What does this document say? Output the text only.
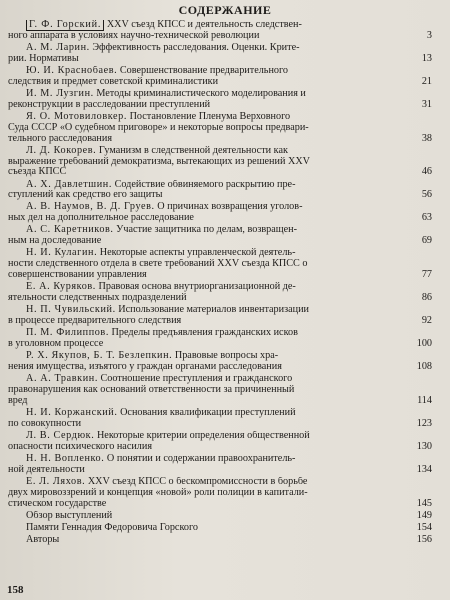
СОДЕРЖАНИЕ
Г. Ф. Горский. XXV съезд КПСС и деятельность следствен-
ного аппарата в условиях научно-технической революции	3
А. М. Ларин. Эффективность расследования. Оценки. Крите-
рии. Нормативы	13
Ю. И. Краснобаев. Совершенствование предварительного
следствия и предмет советской криминалистики	21
И. М. Лузгин. Методы криминалистического моделирования и
реконструкции в расследовании преступлений	31
Я. О. Мотовиловкер. Постановление Пленума Верховного
Суда СССР «О судебном приговоре» и некоторые вопросы предвари-
тельного расследования	38
Л. Д. Кокорев. Гуманизм в следственной деятельности как
выражение требований демократизма, вытекающих из решений XXV
съезда КПСС	46
А. Х. Давлетшин. Содействие обвиняемого раскрытию пре-
ступлений как средство его защиты	56
А. В. Наумов, В. Д. Груев. О причинах возвращения уголов-
ных дел на дополнительное расследование	63
А. С. Каретников. Участие защитника по делам, возвращен-
ным на доследование	69
Н. И. Кулагин. Некоторые аспекты управленческой деятель-
ности следственного отдела в свете требований XXV съезда КПСС о
совершенствовании управления	77
Е. А. Куряков. Правовая основа внутриорганизационной де-
ятельности следственных подразделений	86
Н. П. Чувильский. Использование материалов инвентаризации
в процессе предварительного следствия	92
П. М. Филиппов. Пределы предъявления гражданских исков
в уголовном процессе	100
Р. Х. Якупов, Б. Т. Безлепкин. Правовые вопросы хра-
нения имущества, изъятого у граждан органами расследования	108
А. А. Травкин. Соотношение преступления и гражданского
правонарушения как оснований ответственности за причиненный
вред	114
Н. И. Коржанский. Основания квалификации преступлений
по совокупности	123
Л. В. Сердюк. Некоторые критерии определения общественной
опасности психического насилия	130
Н. Н. Вопленко. О понятии и содержании правоохранитель-
ной деятельности	134
Е. Л. Ляхов. XXV съезд КПСС о бескомпромиссности в борьбе
двух мировоззрений и концепция «новой» роли полиции в капитали-
стическом государстве	145
Обзор выступлений	149
Памяти Геннадия Федоровича Горского	154
Авторы	156
158
